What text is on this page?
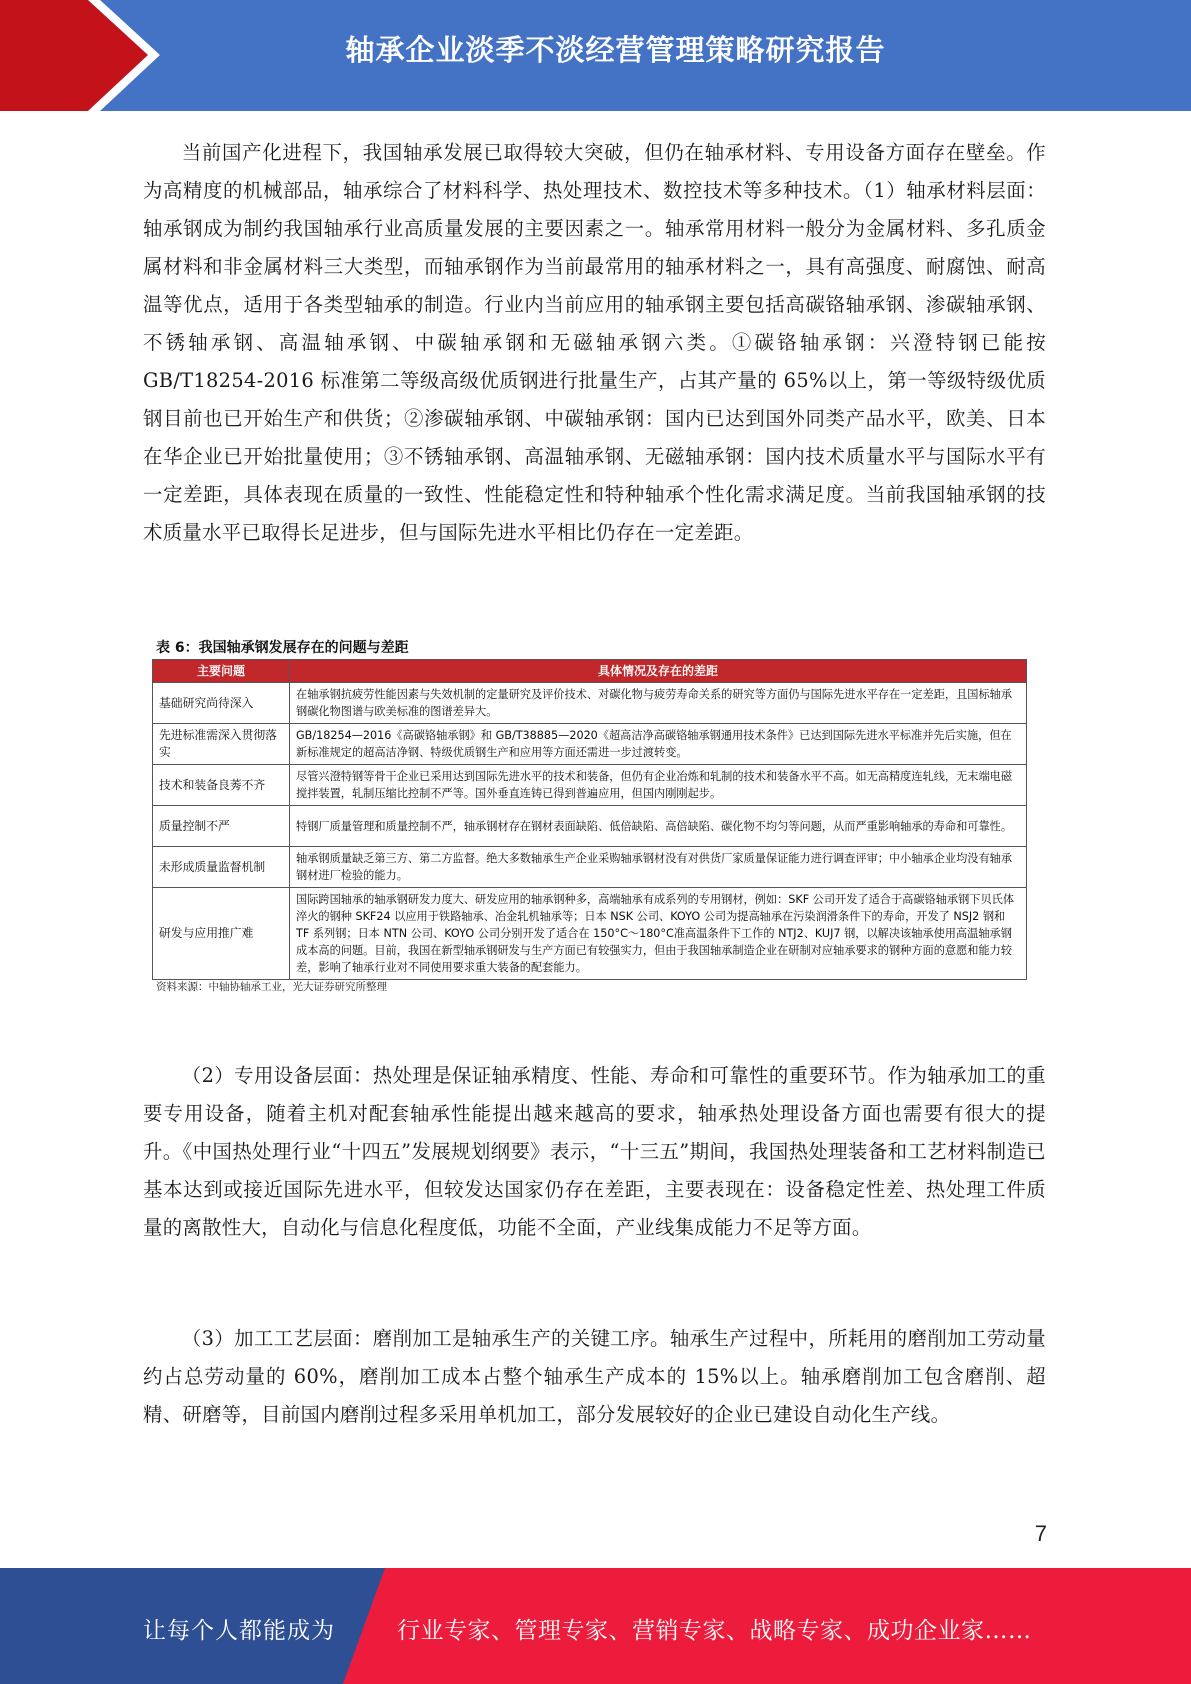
轴承企业淡季不淡经营管理策略研究报告

当前国产化进程下，我国轴承发展已取得较大突破，但仍在轴承材料、专用设备方面存在壁垒。作为高精度的机械部品，轴承综合了材料科学、热处理技术、数控技术等多种技术。（1）轴承材料层面：轴承钢成为制约我国轴承行业高质量发展的主要因素之一。轴承常用材料一般分为金属材料、多孔质金属材料和非金属材料三大类型，而轴承钢作为当前最常用的轴承材料之一，具有高强度、耐腐蚀、耐高温等优点，适用于各类型轴承的制造。行业内当前应用的轴承钢主要包括高碳铬轴承钢、渗碳轴承钢、不锈轴承钢、高温轴承钢、中碳轴承钢和无磁轴承钢六类。①碳铬轴承钢：兴澄特钢已能按 GB/T18254-2016 标准第二等级高级优质钢进行批量生产，占其产量的 65%以上，第一等级特级优质钢目前也已开始生产和供货；②渗碳轴承钢、中碳轴承钢：国内已达到国外同类产品水平，欧美、日本在华企业已开始批量使用；③不锈轴承钢、高温轴承钢、无磁轴承钢：国内技术质量水平与国际水平有一定差距，具体表现在质量的一致性、性能稳定性和特种轴承个性化需求满足度。当前我国轴承钢的技术质量水平已取得长足进步，但与国际先进水平相比仍存在一定差距。

表 6：我国轴承钢发展存在的问题与差距
主要问题	具体情况及存在的差距
基础研究尚待深入	在轴承钢抗疲劳性能因素与失效机制的定量研究及评价技术、对碳化物与疲劳寿命关系的研究等方面仍与国际先进水平存在一定差距，且国标轴承钢碳化物图谱与欧美标准的图谱差异大。
先进标准需深入贯彻落实	GB/18254—2016《高碳铬轴承钢》和 GB/T38885—2020《超高洁净高碳铬轴承钢通用技术条件》已达到国际先进水平标准并先后实施，但在新标准规定的超高洁净钢、特级优质钢生产和应用等方面还需进一步过渡转变。
技术和装备良莠不齐	尽管兴澄特钢等骨干企业已采用达到国际先进水平的技术和装备，但仍有企业冶炼和轧制的技术和装备水平不高。如无高精度连轧线，无末端电磁搅拌装置，轧制压缩比控制不严等。国外垂直连铸已得到普遍应用，但国内刚刚起步。
质量控制不严	特钢厂质量管理和质量控制不严，轴承钢材存在钢材表面缺陷、低倍缺陷、高倍缺陷、碳化物不均匀等问题，从而严重影响轴承的寿命和可靠性。
未形成质量监督机制	轴承钢质量缺乏第三方、第二方监督。绝大多数轴承生产企业采购轴承钢材没有对供货厂家质量保证能力进行调查评审；中小轴承企业均没有轴承钢材进厂检验的能力。
研发与应用推广难	国际跨国轴承的轴承钢研发力度大、研发应用的轴承钢种多，高端轴承有成系列的专用钢材，例如：SKF 公司开发了适合于高碳铬轴承钢下贝氏体淬火的钢种 SKF24 以应用于铁路轴承、冶金轧机轴承等；日本 NSK 公司、KOYO 公司为提高轴承在污染润滑条件下的寿命，开发了 NSJ2 钢和 TF 系列钢；日本 NTN 公司、KOYO 公司分别开发了适合在 150°C～180°C准高温条件下工作的 NTJ2、KUJ7 钢，以解决该轴承使用高温轴承钢成本高的问题。目前，我国在新型轴承钢研发与生产方面已有较强实力，但由于我国轴承制造企业在研制对应轴承要求的钢种方面的意愿和能力较差，影响了轴承行业对不同使用要求重大装备的配套能力。
资料来源：中轴协轴承工业，光大证券研究所整理

（2）专用设备层面：热处理是保证轴承精度、性能、寿命和可靠性的重要环节。作为轴承加工的重要专用设备，随着主机对配套轴承性能提出越来越高的要求，轴承热处理设备方面也需要有很大的提升。《中国热处理行业“十四五”发展规划纲要》表示，“十三五”期间，我国热处理装备和工艺材料制造已基本达到或接近国际先进水平，但较发达国家仍存在差距，主要表现在：设备稳定性差、热处理工件质量的离散性大，自动化与信息化程度低，功能不全面，产业线集成能力不足等方面。

（3）加工工艺层面：磨削加工是轴承生产的关键工序。轴承生产过程中，所耗用的磨削加工劳动量约占总劳动量的 60%，磨削加工成本占整个轴承生产成本的 15%以上。轴承磨削加工包含磨削、超精、研磨等，目前国内磨削过程多采用单机加工，部分发展较好的企业已建设自动化生产线。

7
让每个人都能成为	行业专家、管理专家、营销专家、战略专家、成功企业家……
